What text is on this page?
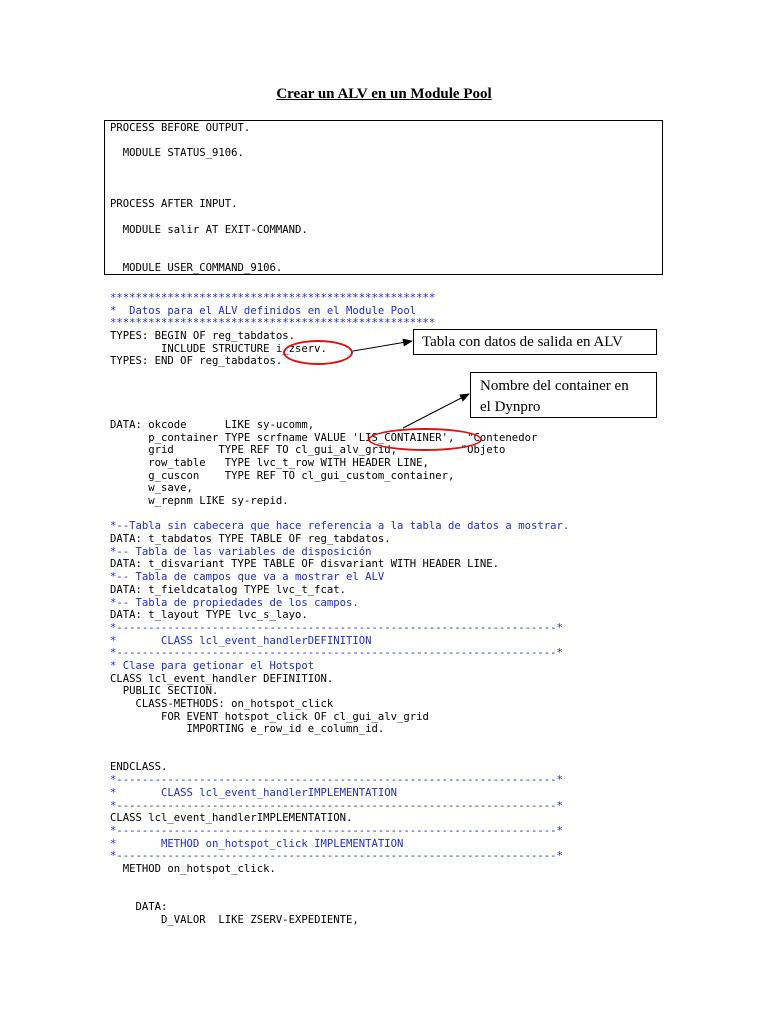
Crear un ALV en un Module Pool
PROCESS BEFORE OUTPUT.
MODULE STATUS_9106.
PROCESS AFTER INPUT.
MODULE salir AT EXIT-COMMAND.
MODULE USER_COMMAND_9106.
***************************************************
*  Datos para el ALV definidos en el Module Pool
***************************************************
TYPES: BEGIN OF reg_tabdatos.
INCLUDE STRUCTURE i_zserv.
TYPES: END OF reg_tabdatos.
DATA: okcode      LIKE sy-ucomm,
p_container TYPE scrfname VALUE 'LIS_CONTAINER',  "Contenedor
grid       TYPE REF TO cl_gui_alv_grid,          "Objeto
row_table   TYPE lvc_t_row WITH HEADER LINE,
g_cuscon    TYPE REF TO cl_gui_custom_container,
w_save,
w_repnm LIKE sy-repid.
*--Tabla sin cabecera que hace referencia a la tabla de datos a mostrar.
DATA: t_tabdatos TYPE TABLE OF reg_tabdatos.
*-- Tabla de las variables de disposición
DATA: t_disvariant TYPE TABLE OF disvariant WITH HEADER LINE.
*-- Tabla de campos que va a mostrar el ALV
DATA: t_fieldcatalog TYPE lvc_t_fcat.
*-- Tabla de propiedades de los campos.
DATA: t_layout TYPE lvc_s_layo.
*---------------------------------------------------------------------*
*       CLASS lcl_event_handlerDEFINITION
*---------------------------------------------------------------------*
* Clase para getionar el Hotspot
CLASS lcl_event_handler DEFINITION.
PUBLIC SECTION.
CLASS-METHODS: on_hotspot_click
FOR EVENT hotspot_click OF cl_gui_alv_grid
IMPORTING e_row_id e_column_id.
ENDCLASS.
*---------------------------------------------------------------------*
*       CLASS lcl_event_handlerIMPLEMENTATION
*---------------------------------------------------------------------*
CLASS lcl_event_handlerIMPLEMENTATION.
*---------------------------------------------------------------------*
*       METHOD on_hotspot_click IMPLEMENTATION
*---------------------------------------------------------------------*
METHOD on_hotspot_click.
DATA:
D_VALOR  LIKE ZSERV-EXPEDIENTE,
Tabla con datos de salida en ALV
Nombre del container en
el Dynpro
